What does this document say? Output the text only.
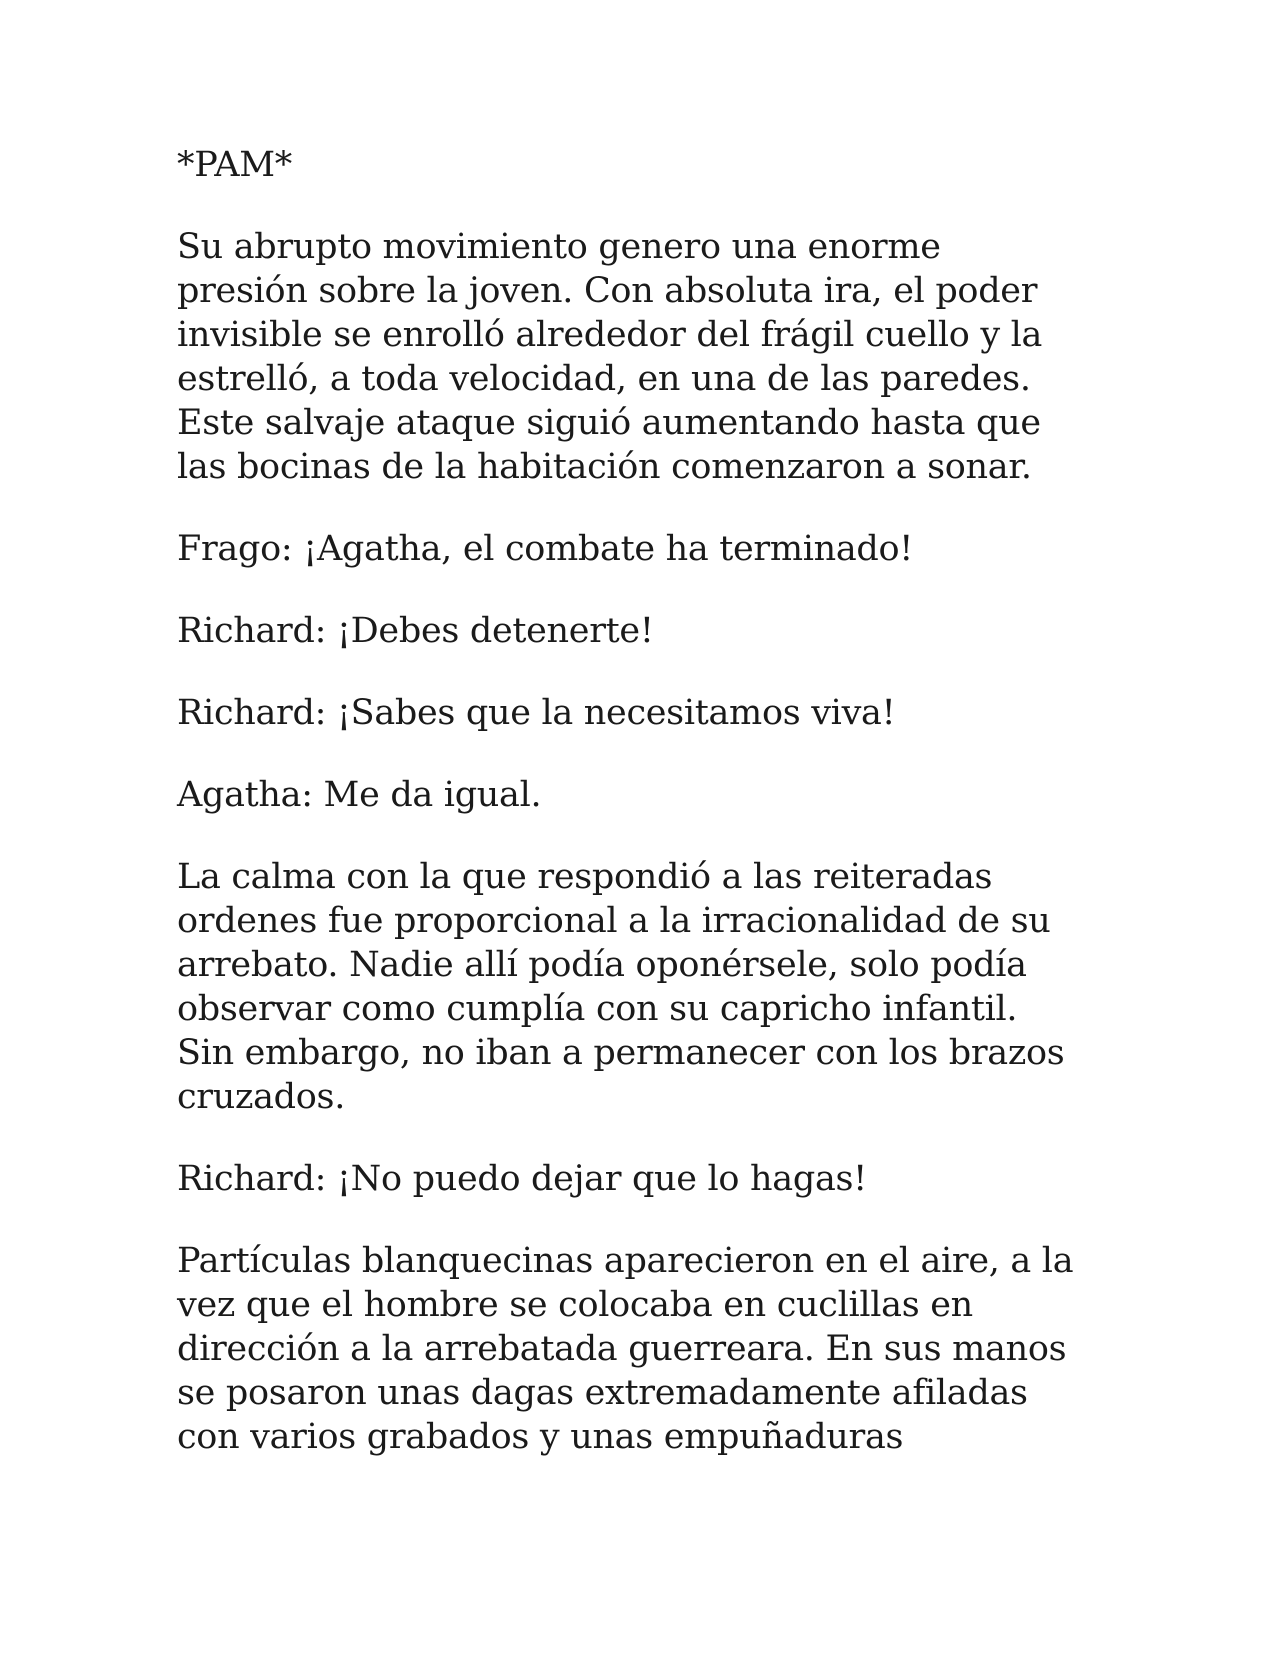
*PAM*

Su abrupto movimiento genero una enorme
presión sobre la joven. Con absoluta ira, el poder
invisible se enrolló alrededor del frágil cuello y la
estrelló, a toda velocidad, en una de las paredes.
Este salvaje ataque siguió aumentando hasta que
las bocinas de la habitación comenzaron a sonar.

Frago: ¡Agatha, el combate ha terminado!

Richard: ¡Debes detenerte!

Richard: ¡Sabes que la necesitamos viva!

Agatha: Me da igual.

La calma con la que respondió a las reiteradas
ordenes fue proporcional a la irracionalidad de su
arrebato. Nadie allí podía oponérsele, solo podía
observar como cumplía con su capricho infantil.
Sin embargo, no iban a permanecer con los brazos
cruzados.

Richard: ¡No puedo dejar que lo hagas!

Partículas blanquecinas aparecieron en el aire, a la
vez que el hombre se colocaba en cuclillas en
dirección a la arrebatada guerreara. En sus manos
se posaron unas dagas extremadamente afiladas
con varios grabados y unas empuñaduras
